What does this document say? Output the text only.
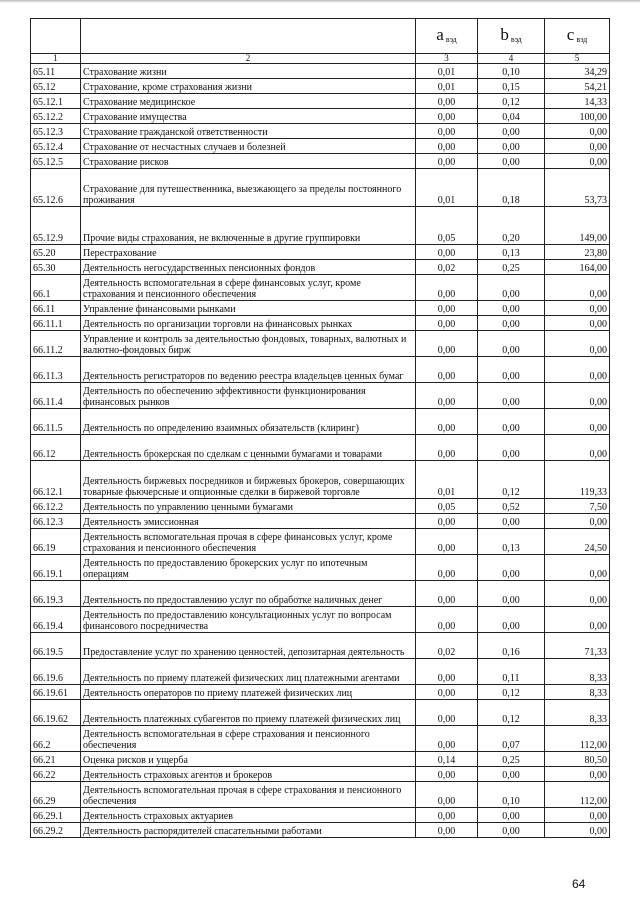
		a вэд	b вэд	c вэд
1	2	3	4	5
65.11	Страхование жизни	0,01	0,10	34,29
65.12	Страхование, кроме страхования жизни	0,01	0,15	54,21
65.12.1	Страхование медицинское	0,00	0,12	14,33
65.12.2	Страхование имущества	0,00	0,04	100,00
65.12.3	Страхование гражданской ответственности	0,00	0,00	0,00
65.12.4	Страхование от несчастных случаев и болезней	0,00	0,00	0,00
65.12.5	Страхование рисков	0,00	0,00	0,00
65.12.6	Страхование для путешественника, выезжающего за пределы постоянного проживания	0,01	0,18	53,73
65.12.9	Прочие виды страхования, не включенные в другие группировки	0,05	0,20	149,00
65.20	Перестрахование	0,00	0,13	23,80
65.30	Деятельность негосударственных пенсионных фондов	0,02	0,25	164,00
66.1	Деятельность вспомогательная в сфере финансовых услуг, кроме страхования и пенсионного обеспечения	0,00	0,00	0,00
66.11	Управление финансовыми рынками	0,00	0,00	0,00
66.11.1	Деятельность по организации торговли на финансовых рынках	0,00	0,00	0,00
66.11.2	Управление и контроль за деятельностью фондовых, товарных, валютных и валютно-фондовых бирж	0,00	0,00	0,00
66.11.3	Деятельность регистраторов по ведению реестра владельцев ценных бумаг	0,00	0,00	0,00
66.11.4	Деятельность по обеспечению эффективности функционирования финансовых рынков	0,00	0,00	0,00
66.11.5	Деятельность по определению взаимных обязательств (клиринг)	0,00	0,00	0,00
66.12	Деятельность брокерская по сделкам с ценными бумагами и товарами	0,00	0,00	0,00
66.12.1	Деятельность биржевых посредников и биржевых брокеров, совершающих товарные фьючерсные и опционные сделки в биржевой торговле	0,01	0,12	119,33
66.12.2	Деятельность по управлению ценными бумагами	0,05	0,52	7,50
66.12.3	Деятельность эмиссионная	0,00	0,00	0,00
66.19	Деятельность вспомогательная прочая в сфере финансовых услуг, кроме страхования и пенсионного обеспечения	0,00	0,13	24,50
66.19.1	Деятельность по предоставлению брокерских услуг по ипотечным операциям	0,00	0,00	0,00
66.19.3	Деятельность по предоставлению услуг по обработке наличных денег	0,00	0,00	0,00
66.19.4	Деятельность по предоставлению консультационных услуг по вопросам финансового посредничества	0,00	0,00	0,00
66.19.5	Предоставление услуг по хранению ценностей, депозитарная деятельность	0,02	0,16	71,33
66.19.6	Деятельность по приему платежей физических лиц платежными агентами	0,00	0,11	8,33
66.19.61	Деятельность операторов по приему платежей физических лиц	0,00	0,12	8,33
66.19.62	Деятельность платежных субагентов по приему платежей физических лиц	0,00	0,12	8,33
66.2	Деятельность вспомогательная в сфере страхования и пенсионного обеспечения	0,00	0,07	112,00
66.21	Оценка рисков и ущерба	0,14	0,25	80,50
66.22	Деятельность страховых агентов и брокеров	0,00	0,00	0,00
66.29	Деятельность вспомогательная прочая в сфере страхования и пенсионного обеспечения	0,00	0,10	112,00
66.29.1	Деятельность страховых актуариев	0,00	0,00	0,00
66.29.2	Деятельность распорядителей спасательными работами	0,00	0,00	0,00
64
